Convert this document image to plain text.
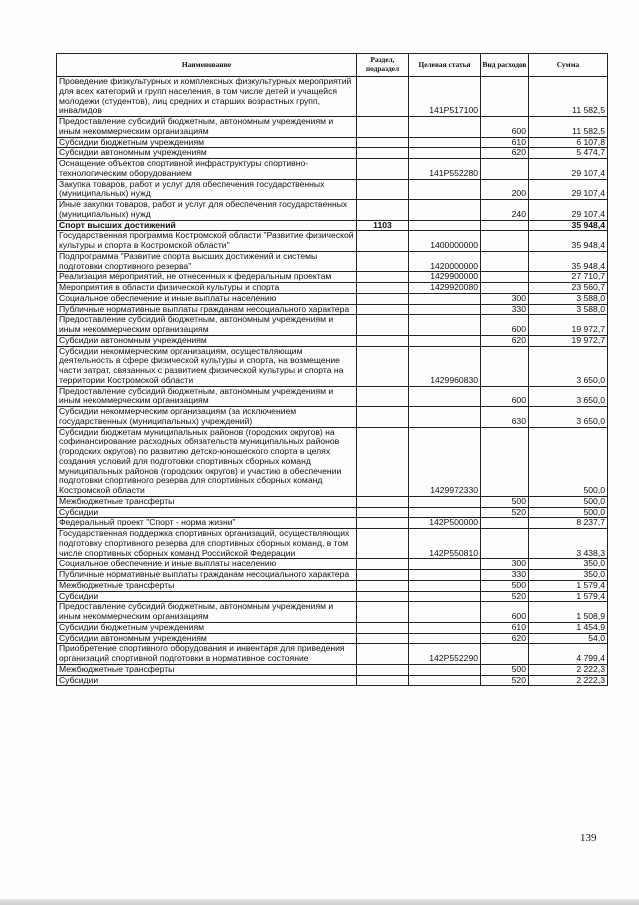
Наименование	Раздел, подраздел	Целевая статья	Вид расходов	Сумма
Проведение физкультурных и комплексных физкультурных мероприятий для всех категорий и групп населения, в том числе детей и учащейся молодежи (студентов), лиц средних и старших возрастных групп, инвалидов		141Р517100		11 582,5
Предоставление субсидий бюджетным, автономным учреждениям и иным некоммерческим организациям			600	11 582,5
Субсидии бюджетным учреждениям			610	6 107,8
Субсидии автономным учреждениям			620	5 474,7
Оснащение объектов спортивной инфраструктуры спортивно-технологическим оборудованием		141Р552280		29 107,4
Закупка товаров, работ и услуг для обеспечения государственных (муниципальных) нужд			200	29 107,4
Иные закупки товаров, работ и услуг для обеспечения государственных (муниципальных) нужд			240	29 107,4
Спорт высших достижений	1103			35 948,4
Государственная программа Костромской области "Развитие физической культуры и спорта в Костромской области"		1400000000		35 948,4
Подпрограмма "Развитие спорта высших достижений и системы подготовки спортивного резерва"		1420000000		35 948,4
Реализация мероприятий, не отнесенных к федеральным проектам		1429900000		27 710,7
Мероприятия в области физической культуры и спорта		1429920080		23 560,7
Социальное обеспечение и иные выплаты населению			300	3 588,0
Публичные нормативные выплаты гражданам несоциального характера			330	3 588,0
Предоставление субсидий бюджетным, автономным учреждениям и иным некоммерческим организациям			600	19 972,7
Субсидии автономным учреждениям			620	19 972,7
Субсидии некоммерческим организациям, осуществляющим деятельность в сфере физической культуры и спорта, на возмещение части затрат, связанных с развитием физической культуры и спорта на территории Костромской области		1429960830		3 650,0
Предоставление субсидий бюджетным, автономным учреждениям и иным некоммерческим организациям			600	3 650,0
Субсидии некоммерческим организациям (за исключением государственных (муниципальных) учреждений)			630	3 650,0
Субсидии бюджетам муниципальных районов (городских округов) на софинансирование расходных обязательств муниципальных районов (городских округов) по развитию детско-юношеского спорта в целях создания условий для подготовки спортивных сборных команд муниципальных районов (городских округов) и участию в обеспечении подготовки спортивного резерва для спортивных сборных команд Костромской области		1429972330		500,0
Межбюджетные трансферты			500	500,0
Субсидии			520	500,0
Федеральный проект "Спорт - норма жизни"		142Р500000		8 237,7
Государственная поддержка спортивных организаций, осуществляющих подготовку спортивного резерва для спортивных сборных команд, в том числе спортивных сборных команд Российской Федерации		142Р550810		3 438,3
Социальное обеспечение и иные выплаты населению			300	350,0
Публичные нормативные выплаты гражданам несоциального характера			330	350,0
Межбюджетные трансферты			500	1 579,4
Субсидии			520	1 579,4
Предоставление субсидий бюджетным, автономным учреждениям и иным некоммерческим организациям			600	1 508,9
Субсидии бюджетным учреждениям			610	1 454,9
Субсидии автономным учреждениям			620	54,0
Приобретение спортивного оборудования и инвентаря для приведения организаций спортивной подготовки в нормативное состояние		142Р552290		4 799,4
Межбюджетные трансферты			500	2 222,3
Субсидии			520	2 222,3
139
